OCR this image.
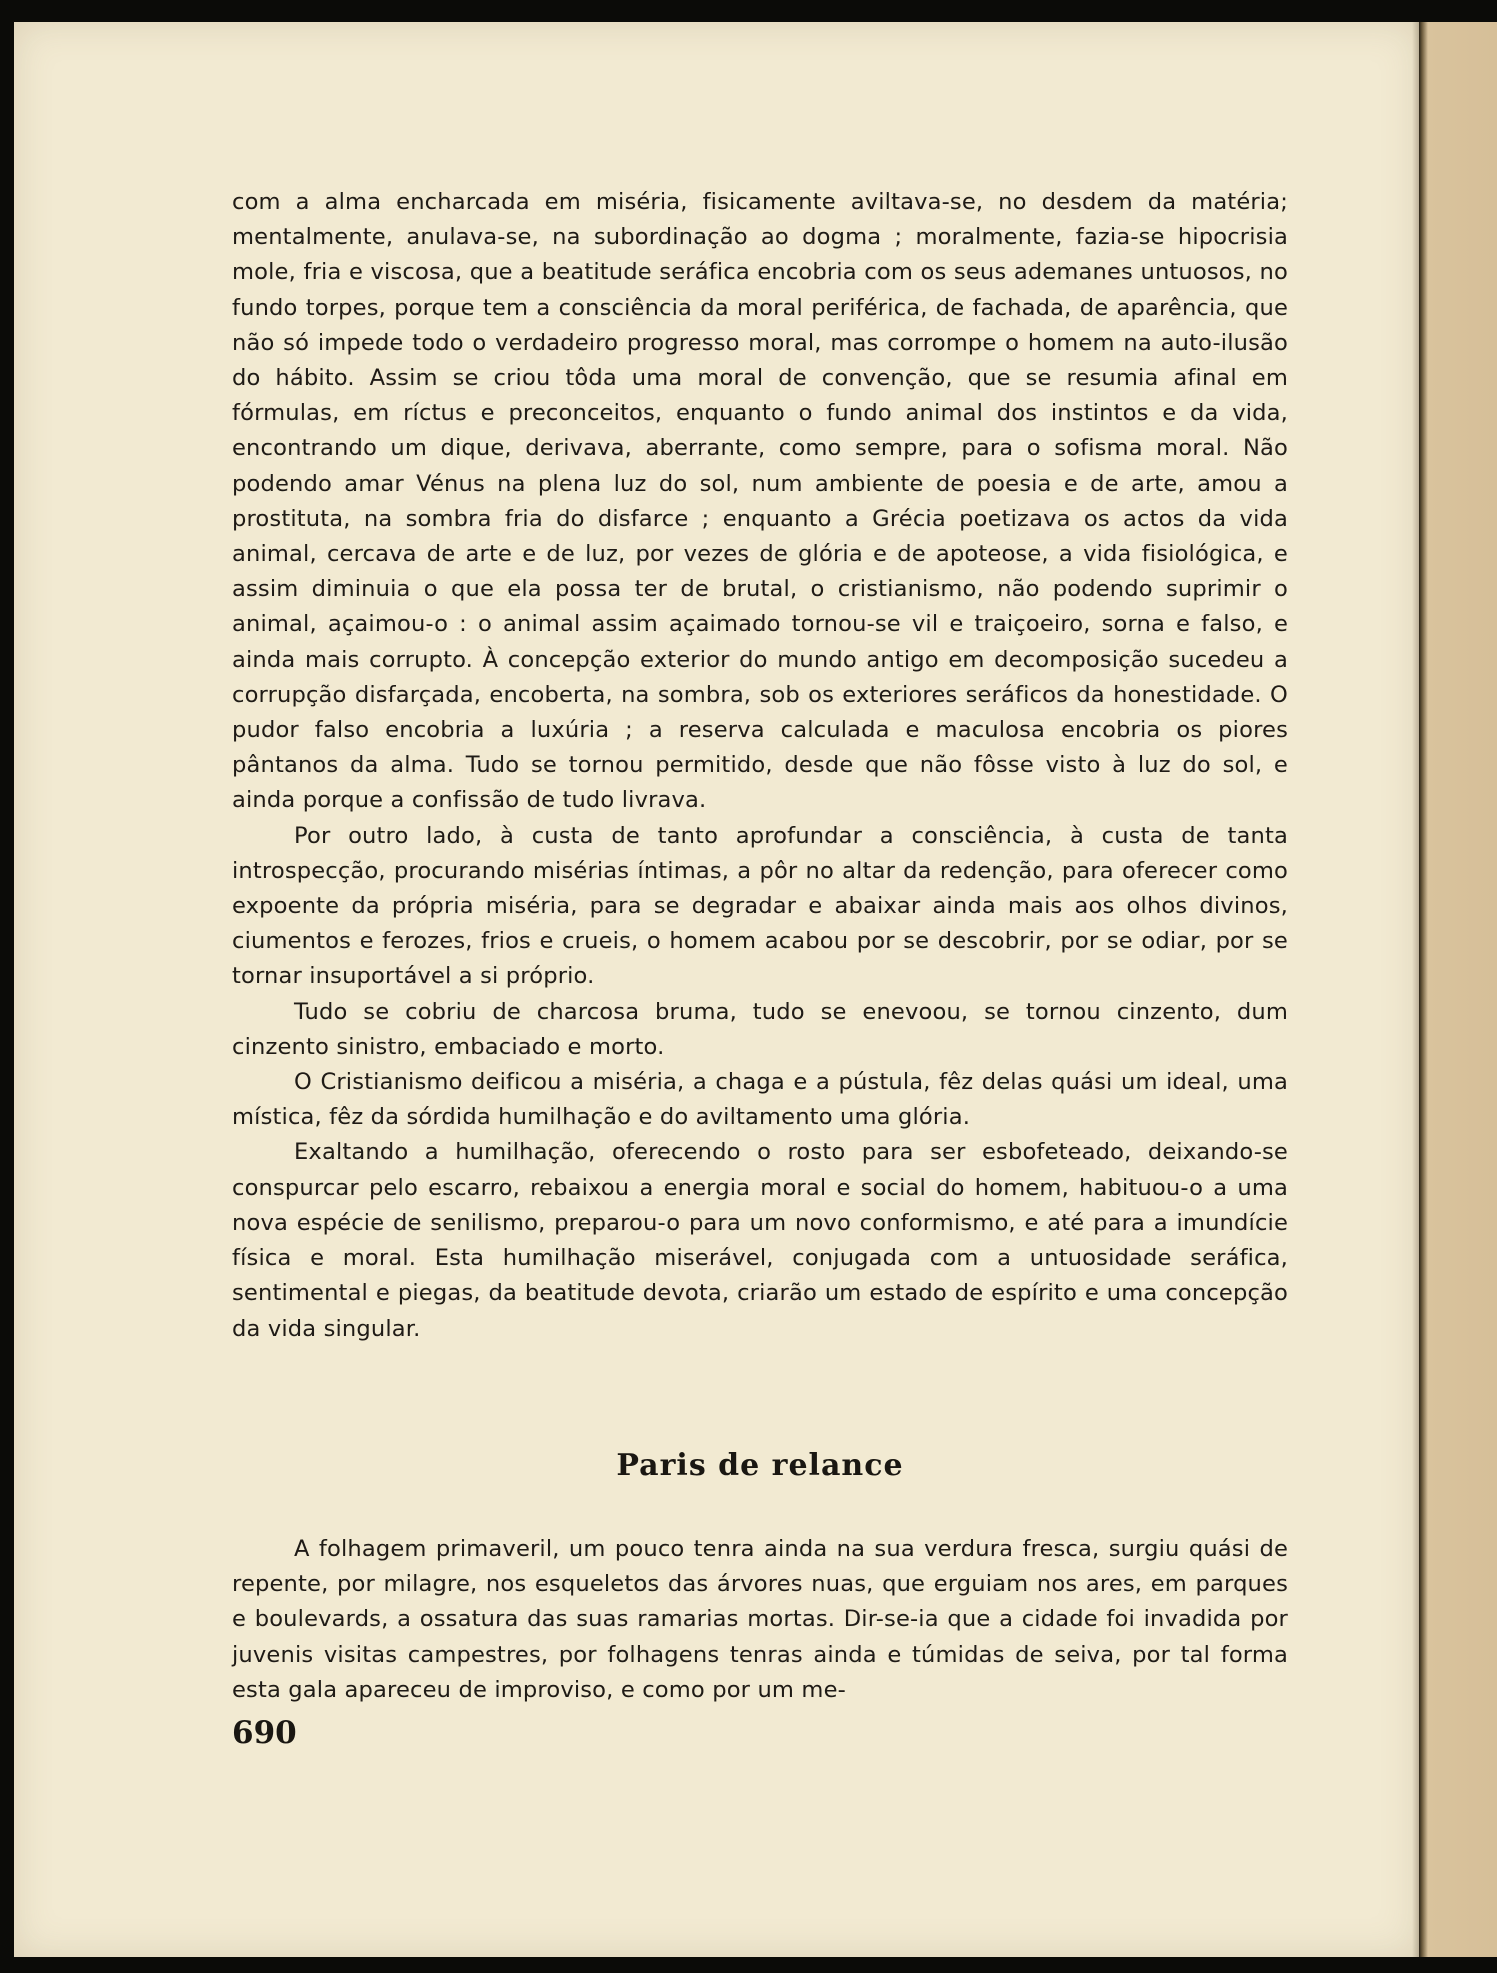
com a alma encharcada em miséria, fisicamente aviltava-se, no desdem da matéria; mentalmente, anulava-se, na subordinação ao dogma ; moralmente, fazia-se hipocrisia mole, fria e viscosa, que a beatitude seráfica encobria com os seus ademanes untuosos, no fundo torpes, porque tem a consciência da moral periférica, de fachada, de aparência, que não só impede todo o verdadeiro progresso moral, mas corrompe o homem na auto-ilusão do hábito. Assim se criou tôda uma moral de convenção, que se resumia afinal em fórmulas, em ríctus e preconceitos, enquanto o fundo animal dos instintos e da vida, encontrando um dique, derivava, aberrante, como sempre, para o sofisma moral. Não podendo amar Vénus na plena luz do sol, num ambiente de poesia e de arte, amou a prostituta, na sombra fria do disfarce ; enquanto a Grécia poetizava os actos da vida animal, cercava de arte e de luz, por vezes de glória e de apoteose, a vida fisiológica, e assim diminuia o que ela possa ter de brutal, o cristianismo, não podendo suprimir o animal, açaimou-o : o animal assim açaimado tornou-se vil e traiçoeiro, sorna e falso, e ainda mais corrupto. À concepção exterior do mundo antigo em decomposição sucedeu a corrupção disfarçada, encoberta, na sombra, sob os exteriores seráficos da honestidade. O pudor falso encobria a luxúria ; a reserva calculada e maculosa encobria os piores pântanos da alma. Tudo se tornou permitido, desde que não fôsse visto à luz do sol, e ainda porque a confissão de tudo livrava.

Por outro lado, à custa de tanto aprofundar a consciência, à custa de tanta introspecção, procurando misérias íntimas, a pôr no altar da redenção, para oferecer como expoente da própria miséria, para se degradar e abaixar ainda mais aos olhos divinos, ciumentos e ferozes, frios e crueis, o homem acabou por se descobrir, por se odiar, por se tornar insuportável a si próprio.

Tudo se cobriu de charcosa bruma, tudo se enevoou, se tornou cinzento, dum cinzento sinistro, embaciado e morto.

O Cristianismo deificou a miséria, a chaga e a pústula, fêz delas quási um ideal, uma mística, fêz da sórdida humilhação e do aviltamento uma glória.

Exaltando a humilhação, oferecendo o rosto para ser esbofeteado, deixando-se conspurcar pelo escarro, rebaixou a energia moral e social do homem, habituou-o a uma nova espécie de senilismo, preparou-o para um novo conformismo, e até para a imundície física e moral. Esta humilhação miserável, conjugada com a untuosidade seráfica, sentimental e piegas, da beatitude devota, criarão um estado de espírito e uma concepção da vida singular.

Paris de relance

A folhagem primaveril, um pouco tenra ainda na sua verdura fresca, surgiu quási de repente, por milagre, nos esqueletos das árvores nuas, que erguiam nos ares, em parques e boulevards, a ossatura das suas ramarias mortas. Dir-se-ia que a cidade foi invadida por juvenis visitas campestres, por folhagens tenras ainda e túmidas de seiva, por tal forma esta gala apareceu de improviso, e como por um me-

690
